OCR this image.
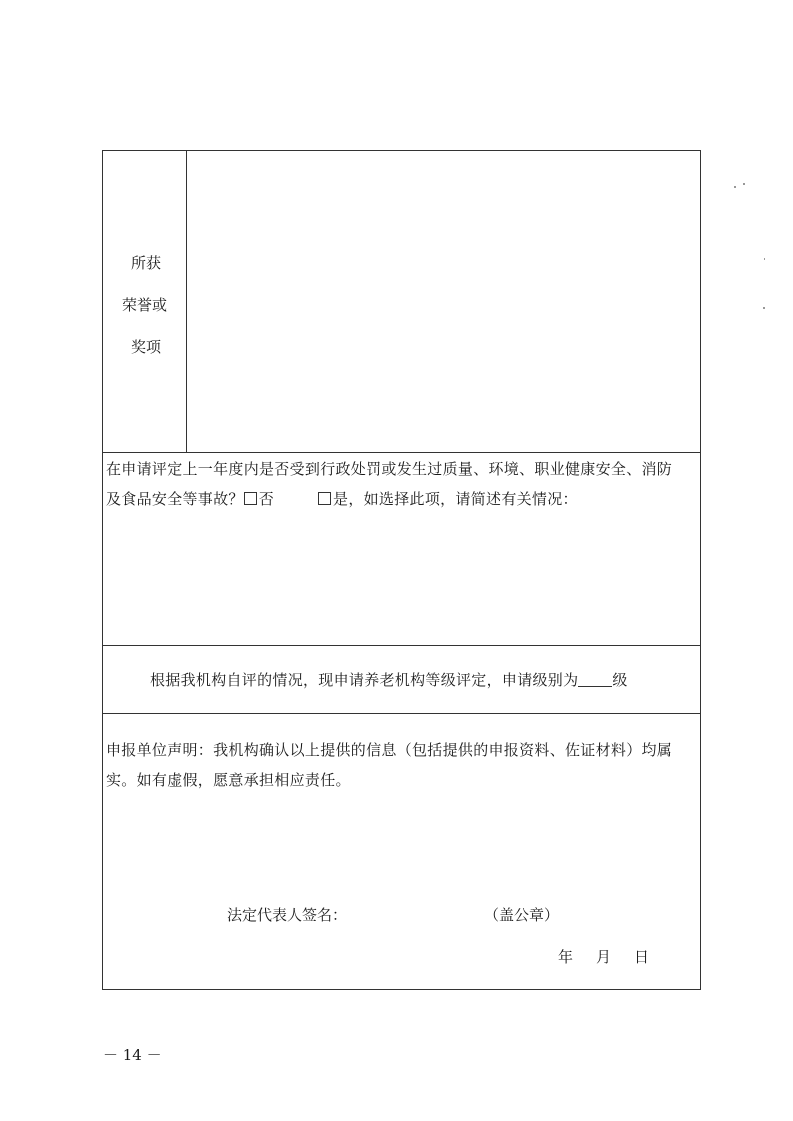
所获
荣誉或
奖项
在申请评定上一年度内是否受到行政处罚或发生过质量、环境、职业健康安全、消防
及食品安全等事故？ 否	是，如选择此项，请简述有关情况：
根据我机构自评的情况，现申请养老机构等级评定，申请级别为 级
申报单位声明：我机构确认以上提供的信息（包括提供的申报资料、佐证材料）均属
实。如有虚假，愿意承担相应责任。
法定代表人签名：	（盖公章）
年 月 日
－ 14 －
